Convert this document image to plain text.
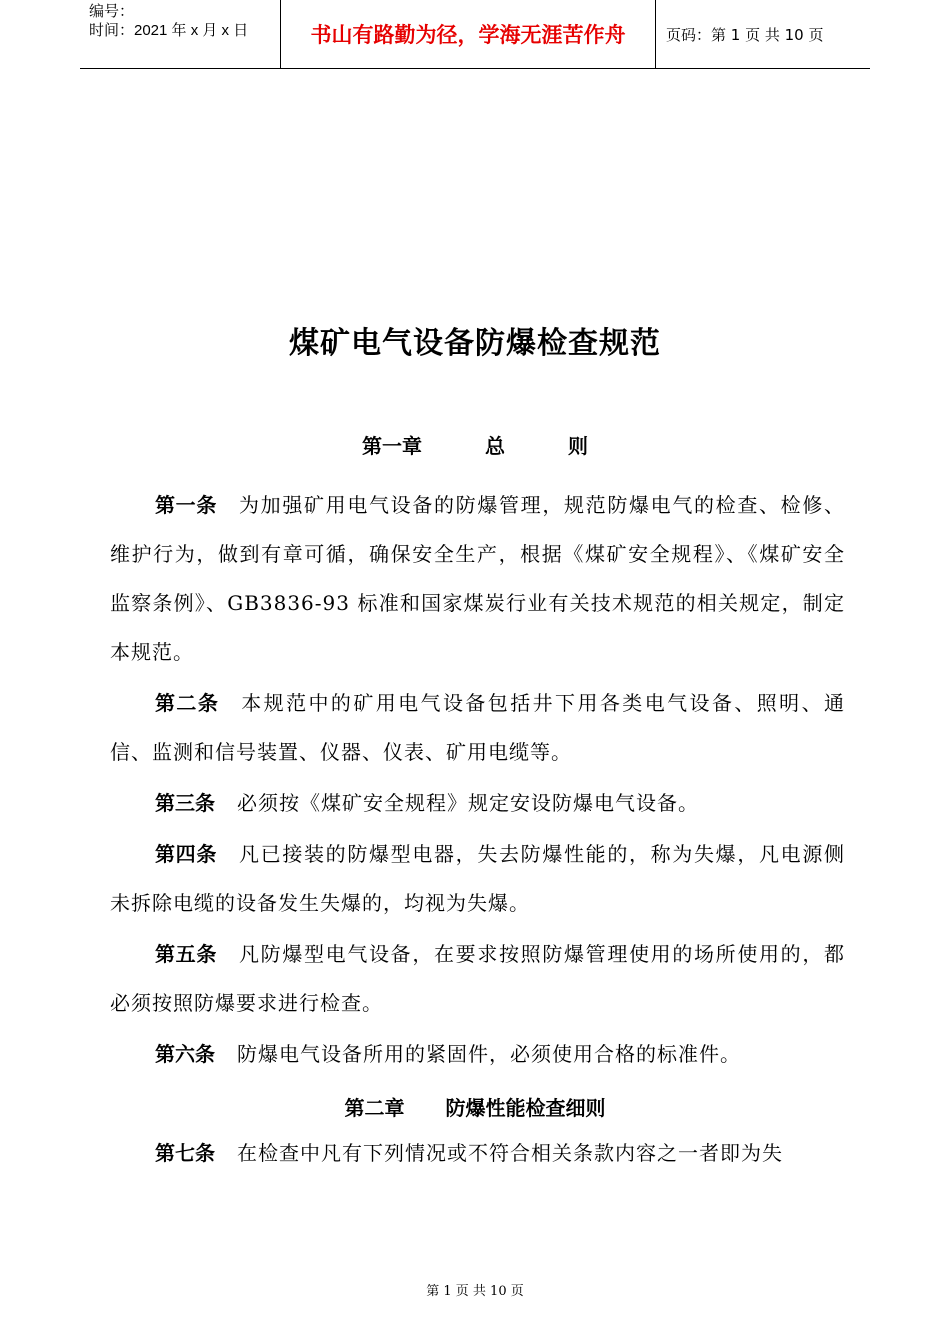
编号：
时间：2021 年 x 月 x 日	书山有路勤为径，学海无涯苦作舟	页码：第 1 页 共 10 页
煤矿电气设备防爆检查规范
第一章	总	则

第一条 为加强矿用电气设备的防爆管理，规范防爆电气的检查、检修、维护行为，做到有章可循，确保安全生产，根据《煤矿安全规程》、《煤矿安全监察条例》、GB3836-93 标准和国家煤炭行业有关技术规范的相关规定，制定本规范。

第二条 本规范中的矿用电气设备包括井下用各类电气设备、照明、通信、监测和信号装置、仪器、仪表、矿用电缆等。

第三条 必须按《煤矿安全规程》规定安设防爆电气设备。

第四条 凡已接装的防爆型电器，失去防爆性能的，称为失爆，凡电源侧未拆除电缆的设备发生失爆的，均视为失爆。

第五条 凡防爆型电气设备，在要求按照防爆管理使用的场所使用的，都必须按照防爆要求进行检查。

第六条 防爆电气设备所用的紧固件，必须使用合格的标准件。

第二章 防爆性能检查细则

第七条 在检查中凡有下列情况或不符合相关条款内容之一者即为失

第 1 页 共 10 页
